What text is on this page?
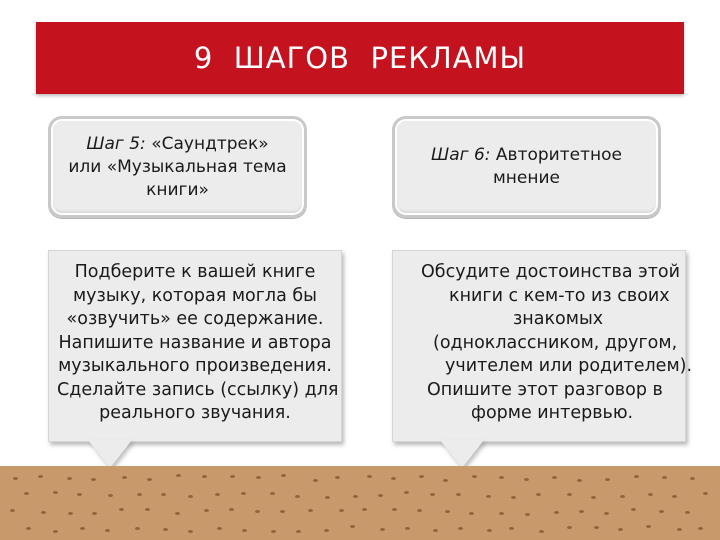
9  ШАГОВ  РЕКЛАМЫ
Шаг 5: «Саундтрек»
или «Музыкальная тема
книги»
Шаг 6: Авторитетное
мнение
Подберите к вашей книге
музыку, которая могла бы
«озвучить» ее содержание.
Напишите название и автора
музыкального произведения.
Сделайте запись (ссылку) для
реального звучания.
Обсудите достоинства этой
книги с кем-то из своих
знакомых
(одноклассником, другом,
учителем или родителем).
Опишите этот разговор в
форме интервью.
